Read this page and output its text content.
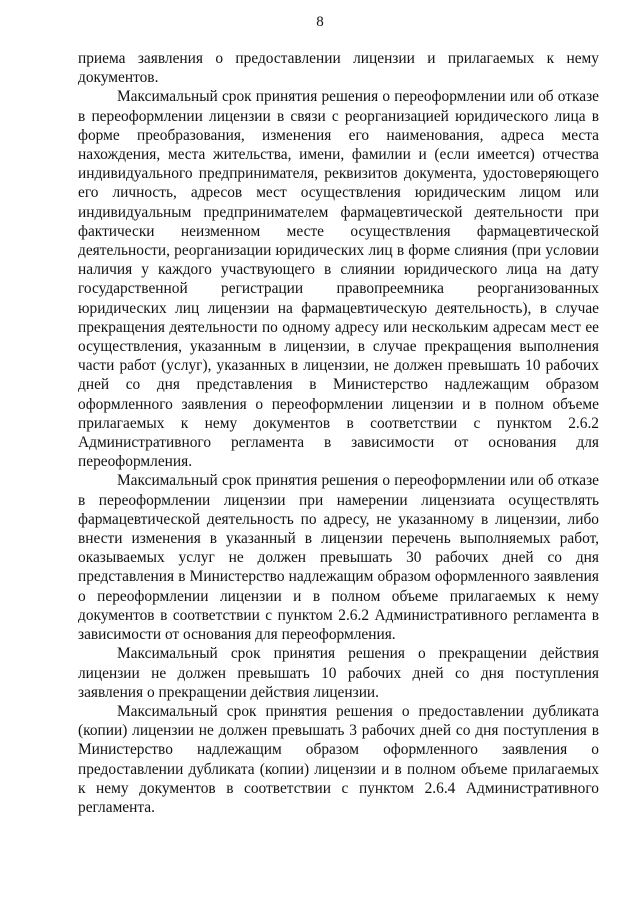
8

приема заявления о предоставлении лицензии и прилагаемых к нему документов.

Максимальный срок принятия решения о переоформлении или об отказе в переоформлении лицензии в связи с реорганизацией юридического лица в форме преобразования, изменения его наименования, адреса места нахождения, места жительства, имени, фамилии и (если имеется) отчества индивидуального предпринимателя, реквизитов документа, удостоверяющего его личность, адресов мест осуществления юридическим лицом или индивидуальным предпринимателем фармацевтической деятельности при фактически неизменном месте осуществления фармацевтической деятельности, реорганизации юридических лиц в форме слияния (при условии наличия у каждого участвующего в слиянии юридического лица на дату государственной регистрации правопреемника реорганизованных юридических лиц лицензии на фармацевтическую деятельность), в случае прекращения деятельности по одному адресу или нескольким адресам мест ее осуществления, указанным в лицензии, в случае прекращения выполнения части работ (услуг), указанных в лицензии, не должен превышать 10 рабочих дней со дня представления в Министерство надлежащим образом оформленного заявления о переоформлении лицензии и в полном объеме прилагаемых к нему документов в соответствии с пунктом 2.6.2 Административного регламента в зависимости от основания для переоформления.

Максимальный срок принятия решения о переоформлении или об отказе в переоформлении лицензии при намерении лицензиата осуществлять фармацевтической деятельность по адресу, не указанному в лицензии, либо внести изменения в указанный в лицензии перечень выполняемых работ, оказываемых услуг не должен превышать 30 рабочих дней со дня представления в Министерство надлежащим образом оформленного заявления о переоформлении лицензии и в полном объеме прилагаемых к нему документов в соответствии с пунктом 2.6.2 Административного регламента в зависимости от основания для переоформления.

Максимальный срок принятия решения о прекращении действия лицензии не должен превышать 10 рабочих дней со дня поступления заявления о прекращении действия лицензии.

Максимальный срок принятия решения о предоставлении дубликата (копии) лицензии не должен превышать 3 рабочих дней со дня поступления в Министерство надлежащим образом оформленного заявления о предоставлении дубликата (копии) лицензии и в полном объеме прилагаемых к нему документов в соответствии с пунктом 2.6.4 Административного регламента.
